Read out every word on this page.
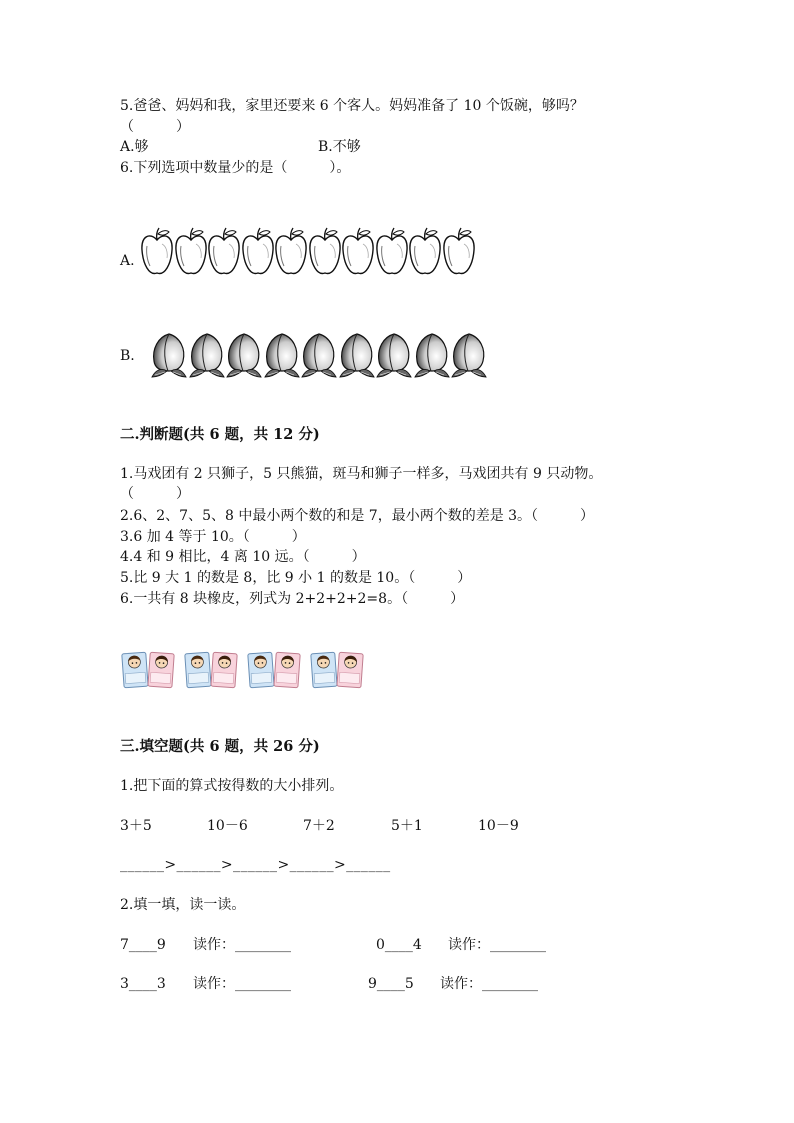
5.爸爸、妈妈和我，家里还要来 6 个客人。妈妈准备了 10 个饭碗，够吗？
（　　　）
A.够	B.不够
6.下列选项中数量少的是（　　　）。
A.
B.
二.判断题(共 6 题，共 12 分)
1.马戏团有 2 只狮子，5 只熊猫，斑马和狮子一样多，马戏团共有 9 只动物。
（　　　）
2.6、2、7、5、8 中最小两个数的和是 7，最小两个数的差是 3。（　　　）
3.6 加 4 等于 10。（　　　）
4.4 和 9 相比，4 离 10 远。（　　　）
5.比 9 大 1 的数是 8，比 9 小 1 的数是 10。（　　　）
6.一共有 8 块橡皮，列式为 2+2+2+2=8。（　　　）
三.填空题(共 6 题，共 26 分)
1.把下面的算式按得数的大小排列。
3＋5	10－6	7＋2	5＋1	10－9
______>______>______>______>______
2.填一填，读一读。
7____9 读作：________	0____4 读作：________
3____3 读作：________	9____5 读作：________
